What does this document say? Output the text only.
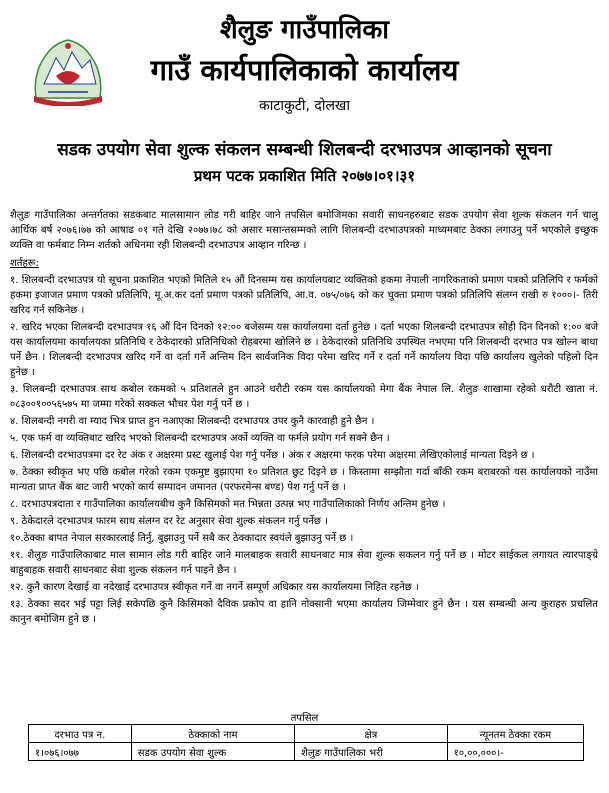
शैलुङ गाउँपालिका
गाउँ कार्यपालिकाको कार्यालय
काटाकुटी, दोलखा
सडक उपयोग सेवा शुल्क संकलन सम्बन्धी शिलबन्दी दरभाउपत्र आव्हानको सूचना
प्रथम पटक प्रकाशित मिति २०७७।०१।३१

शैलुङ गाउँपालिका अन्तर्गतका सडकबाट मालसामान लोड गरी बाहिर जाने तपसिल बमोजिमका सवारी साधनहरुबाट सडक उपयोग सेवा शुल्क संकलन गर्न चालु आर्थिक बर्ष २०७६।७७ को आषाढ ०१ गते देखि २०७७।७८ को असार मसान्तसम्मको लागि शिलबन्दी दरभाउपत्रको माध्यमबाट ठेक्का लगाउनु पर्ने भएकोले इच्छुक व्यक्ति वा फर्मबाट निम्न शर्तको अधिनमा रही शिलबन्दी दरभाउपत्र आव्हान गरिन्छ ।

शर्तहरू:

१. शिलबन्दी दरभाउपत्र यो सूचना प्रकाशित भएको मितिले १५ औं दिनसम्म यस कार्यालयबाट व्यक्तिको हकमा नेपाली नागरिकताको प्रमाण पत्रको प्रतिलिपि र फर्मको हकमा इजाजत प्रमाण पत्रको प्रतिलिपि, मू.अ.कर दर्ता प्रमाण पत्रको प्रतिलिपि, आ.व. ०७५/०७६ को कर चुक्ता प्रमाण पत्रको प्रतिलिपि संलग्न राखी रु १०००।- तिरी खरिद गर्न सकिनेछ ।
२. खरिद भएका शिलबन्दी दरभाउपत्र १६ औं दिन दिनको १२:०० बजेसम्म यस कार्यालयमा दर्ता हुनेछ । दर्ता भएका शिलबन्दी दरभाउपत्र सोही दिन दिनको १:०० बजे यस कार्यालयमा कार्यालयका प्रतिनिधि र ठेकेदारको प्रतिनिधिको रोहबरमा खोलिने छ । ठेकेदारको प्रतिनिधि उपस्थित नभएमा पनि शिलबन्दी दरभाउ पत्र खोल्न बाधा पर्ने छैन । शिलबन्दी दरभाउपत्र खरिद गर्ने वा दर्ता गर्ने अन्तिम दिन सार्वजनिक विदा परेमा खरिद गर्ने र दर्ता गर्ने कार्यालय विदा पछि कार्यालय खुलेको पहिलो दिन हुनेछ ।
३. शिलबन्दी दरभाउपत्र साथ कबोल रकमको ५ प्रतिशतले हुन आउने धरौटी रकम यस कार्यालयको मेगा बैंक नेपाल लि. शैलुङ शाखामा रहेको धरौटी खाता नं. ०८३००१००५६५७५ मा जम्मा गरेको सक्कल भौचर पेश गर्नु पर्ने छ ।
४. शिलबन्दी नगरी वा म्याद भित्र प्राप्त हुन नआएका शिलबन्दी दरभाउपत्र उपर कुनै कारवाही हुने छैन ।
५. एक फर्म वा व्यक्तिबाट खरिद भएको शिलबन्दी दरभाउपत्र अर्को व्यक्ति वा फर्मले प्रयोग गर्न सक्ने छैन ।
६. शिलबन्दी दरभाउपत्रमा दर रेट अंक र अक्षरमा प्रस्ट खुलाई पेश गर्नु पर्नेछ । अंक र अक्षरमा फरक परेमा अक्षरमा लेखिएकोलाई मान्यता दिइने छ ।
७. ठेक्का स्वीकृत भए पछि कबोल गरेको रकम एकमुष्ट बुझाएमा १० प्रतिशत छुट दिइने छ । किस्तामा सम्झौता गर्दा बाँकी रकम बराबरको यस कार्यालयको नाउँमा मान्यता प्राप्त बैंक बाट जारी भएको कार्य सम्पादन जमानत (परफरमेन्स बण्ड) पेश गर्नु पर्ने छ ।
८. दरभाउपत्रदाता र गाउँपालिका कार्यालयबीच कुनै किसिमको मत भिन्नता उत्पन्न भए गाउँपालिकाको निर्णय अन्तिम हुनेछ ।
९. ठेकेदारले दरभाउपत्र फारम साथ संलग्न दर रेट अनुसार सेवा शुल्क संकलन गर्नु पर्नेछ ।
१०.ठेक्का बापत नेपाल सरकारलाई तिर्नु, बुझाउनु पर्ने सबै कर ठेक्कादार स्वयंले बुझाउनु पर्ने छ ।
११. शैलुङ गाउँपालिकाबाट माल सामान लोड गरी बाहिर जाने मालबाहक सवारी साधनबाट मात्र सेवा शुल्क सकलन गर्नु पर्ने छ । मोटर साईकल लगायत त्यारपाङ्ग्रे बाहुबाहक सवारी साधनबाट सेवा शुल्क संकलन गर्न पाइने छैन ।
१२. कुनै कारण देखाई वा नदेखाई दरभाउपत्र स्वीकृत गर्ने वा नगर्ने सम्पूर्ण अधिकार यस कार्यालयमा निहित रहनेछ ।
१३. ठेक्का सदर भई पट्टा लिई सकेपछि कुनै किसिमको दैविक प्रकोप वा हानि नोक्सानी भएमा कार्यालय जिम्मेवार हुने छैन । यस सम्बन्धी अन्य कुराहरु प्रचलित कानुन बमोजिम हुने छ ।
तपसिल
दरभाउ पत्र न.	ठेक्काको नाम	क्षेत्र	न्यूनतम ठेक्का रकम
१।०७६।०७७	सडक उपयोग सेवा शुल्क	शैलुङ गाउँपालिका भरी	१०,००,०००।-
